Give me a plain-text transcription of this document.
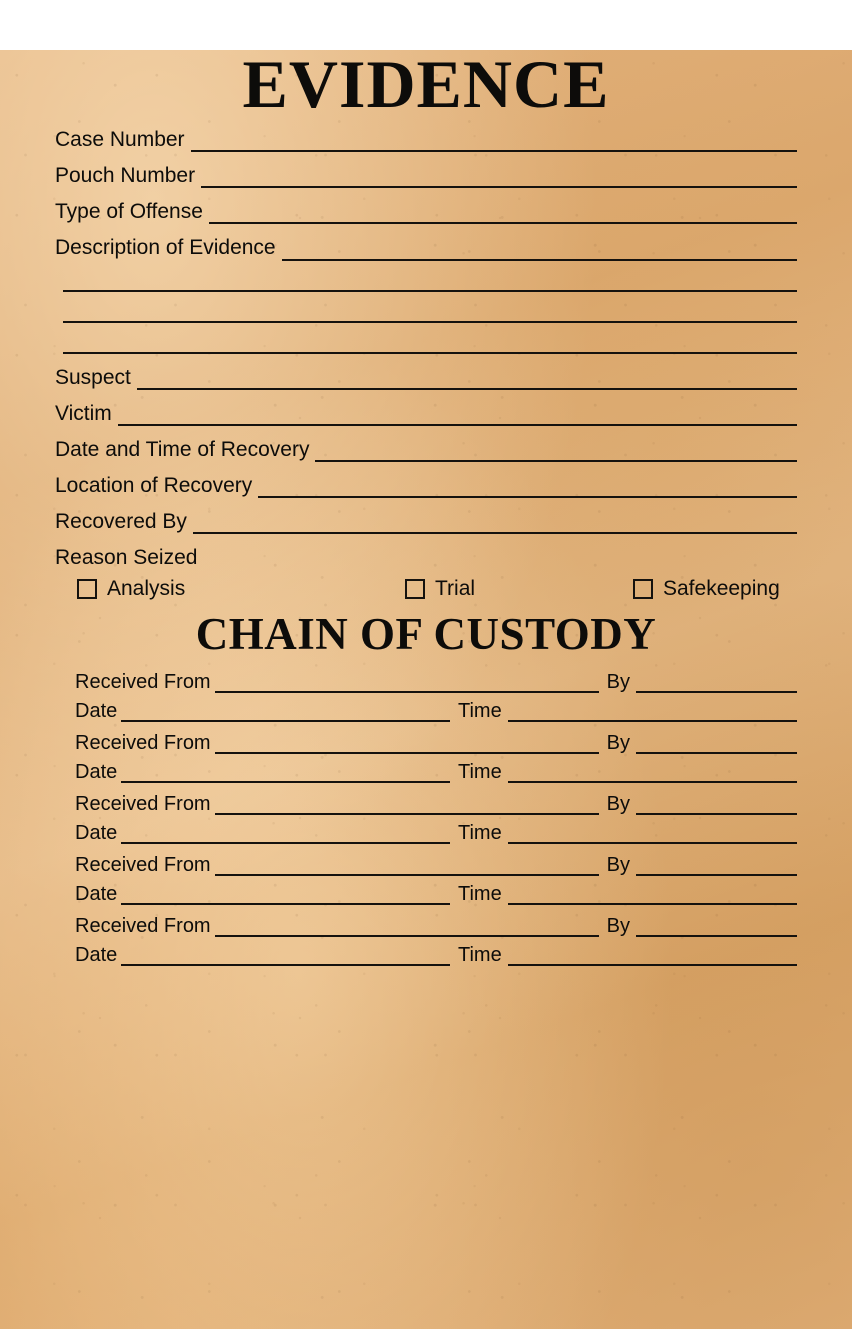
EVIDENCE
Case Number
Pouch Number
Type of Offense
Description of Evidence
Suspect
Victim
Date and Time of Recovery
Location of Recovery
Recovered By
Reason Seized
Analysis	Trial	Safekeeping
CHAIN OF CUSTODY
Received From	By
Date	Time
Received From	By
Date	Time
Received From	By
Date	Time
Received From	By
Date	Time
Received From	By
Date	Time
